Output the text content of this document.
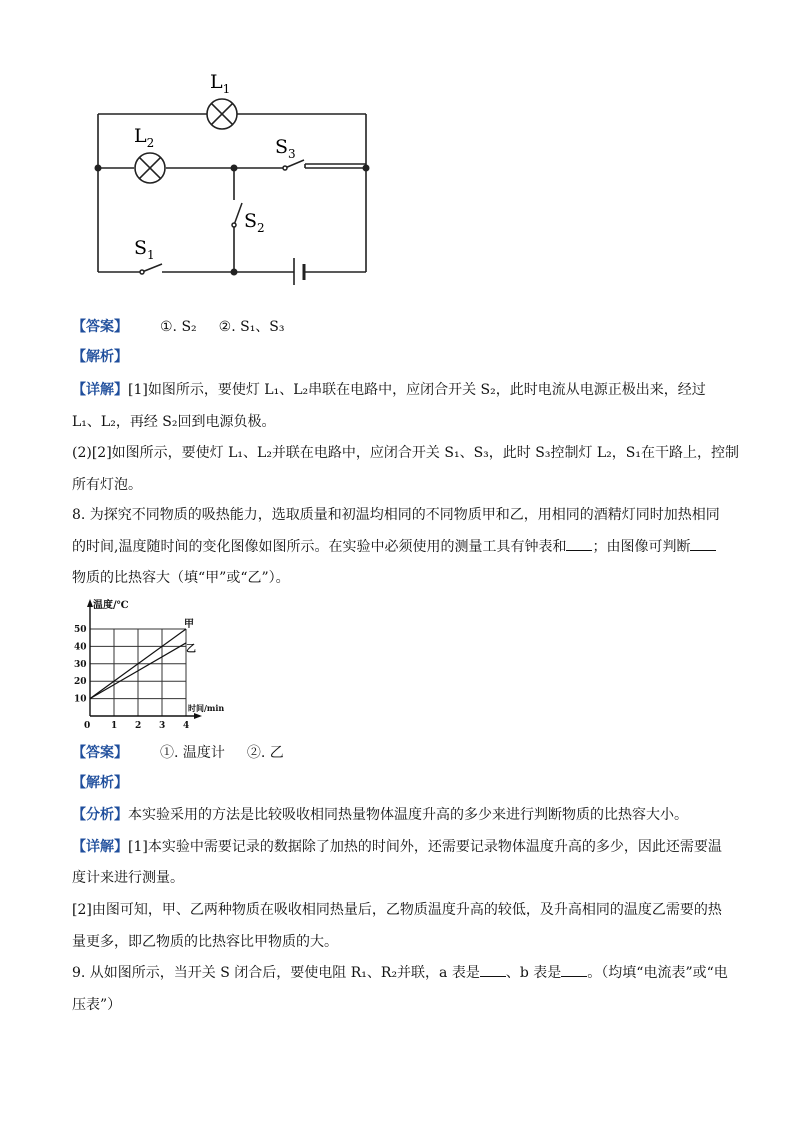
$L_1$
$L_2$	$S_3$
$S_2$
$S_1$
【答案】 ①. S₂ ②. S₁、S₃
【解析】
【详解】[1]如图所示，要使灯 L₁、L₂串联在电路中，应闭合开关 S₂，此时电流从电源正极出来，经过
L₁、L₂，再经 S₂回到电源负极。
(2)[2]如图所示，要使灯 L₁、L₂并联在电路中，应闭合开关 S₁、S₃，此时 S₃控制灯 L₂，S₁在干路上，控制
所有灯泡。
8. 为探究不同物质的吸热能力，选取质量和初温均相同的不同物质甲和乙，用相同的酒精灯同时加热相同
的时间,温度随时间的变化图像如图所示。在实验中必须使用的测量工具有钟表和 ；由图像可判断
物质的比热容大（填“甲”或“乙”）。
0 1 2 3 4
10
20
30
40
50
温度/℃
时间/min
甲
乙
【答案】 ①. 温度计 ②. 乙
【解析】
【分析】本实验采用的方法是比较吸收相同热量物体温度升高的多少来进行判断物质的比热容大小。
【详解】[1]本实验中需要记录的数据除了加热的时间外，还需要记录物体温度升高的多少，因此还需要温
度计来进行测量。
[2]由图可知，甲、乙两种物质在吸收相同热量后，乙物质温度升高的较低，及升高相同的温度乙需要的热
量更多，即乙物质的比热容比甲物质的大。
9. 从如图所示，当开关 S 闭合后，要使电阻 R₁、R₂并联，a 表是 、b 表是 。（均填“电流表”或“电
压表”）
